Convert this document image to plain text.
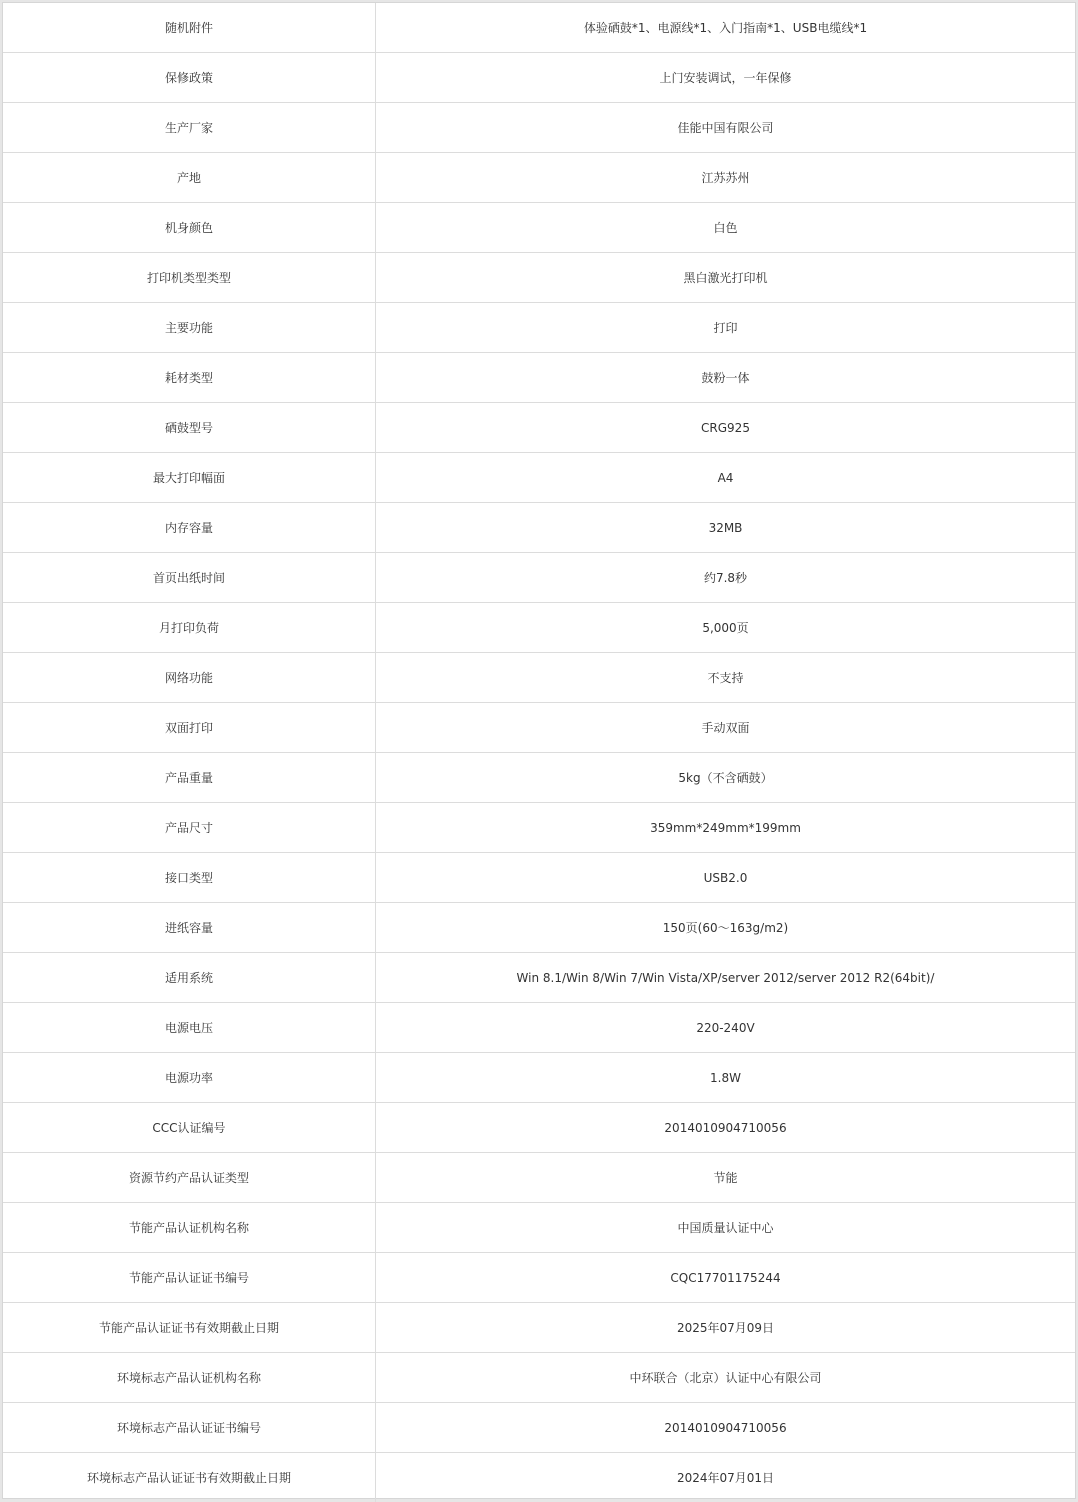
随机附件	体验硒鼓*1、电源线*1、入门指南*1、USB电缆线*1
保修政策	上门安装调试，一年保修
生产厂家	佳能中国有限公司
产地	江苏苏州
机身颜色	白色
打印机类型类型	黑白激光打印机
主要功能	打印
耗材类型	鼓粉一体
硒鼓型号	CRG925
最大打印幅面	A4
内存容量	32MB
首页出纸时间	约7.8秒
月打印负荷	5,000页
网络功能	不支持
双面打印	手动双面
产品重量	5kg（不含硒鼓）
产品尺寸	359mm*249mm*199mm
接口类型	USB2.0
进纸容量	150页(60～163g/m2)
适用系统	Win 8.1/Win 8/Win 7/Win Vista/XP/server 2012/server 2012 R2(64bit)/
电源电压	220-240V
电源功率	1.8W
CCC认证编号	2014010904710056
资源节约产品认证类型	节能
节能产品认证机构名称	中国质量认证中心
节能产品认证证书编号	CQC17701175244
节能产品认证证书有效期截止日期	2025年07月09日
环境标志产品认证机构名称	中环联合（北京）认证中心有限公司
环境标志产品认证证书编号	2014010904710056
环境标志产品认证证书有效期截止日期	2024年07月01日
